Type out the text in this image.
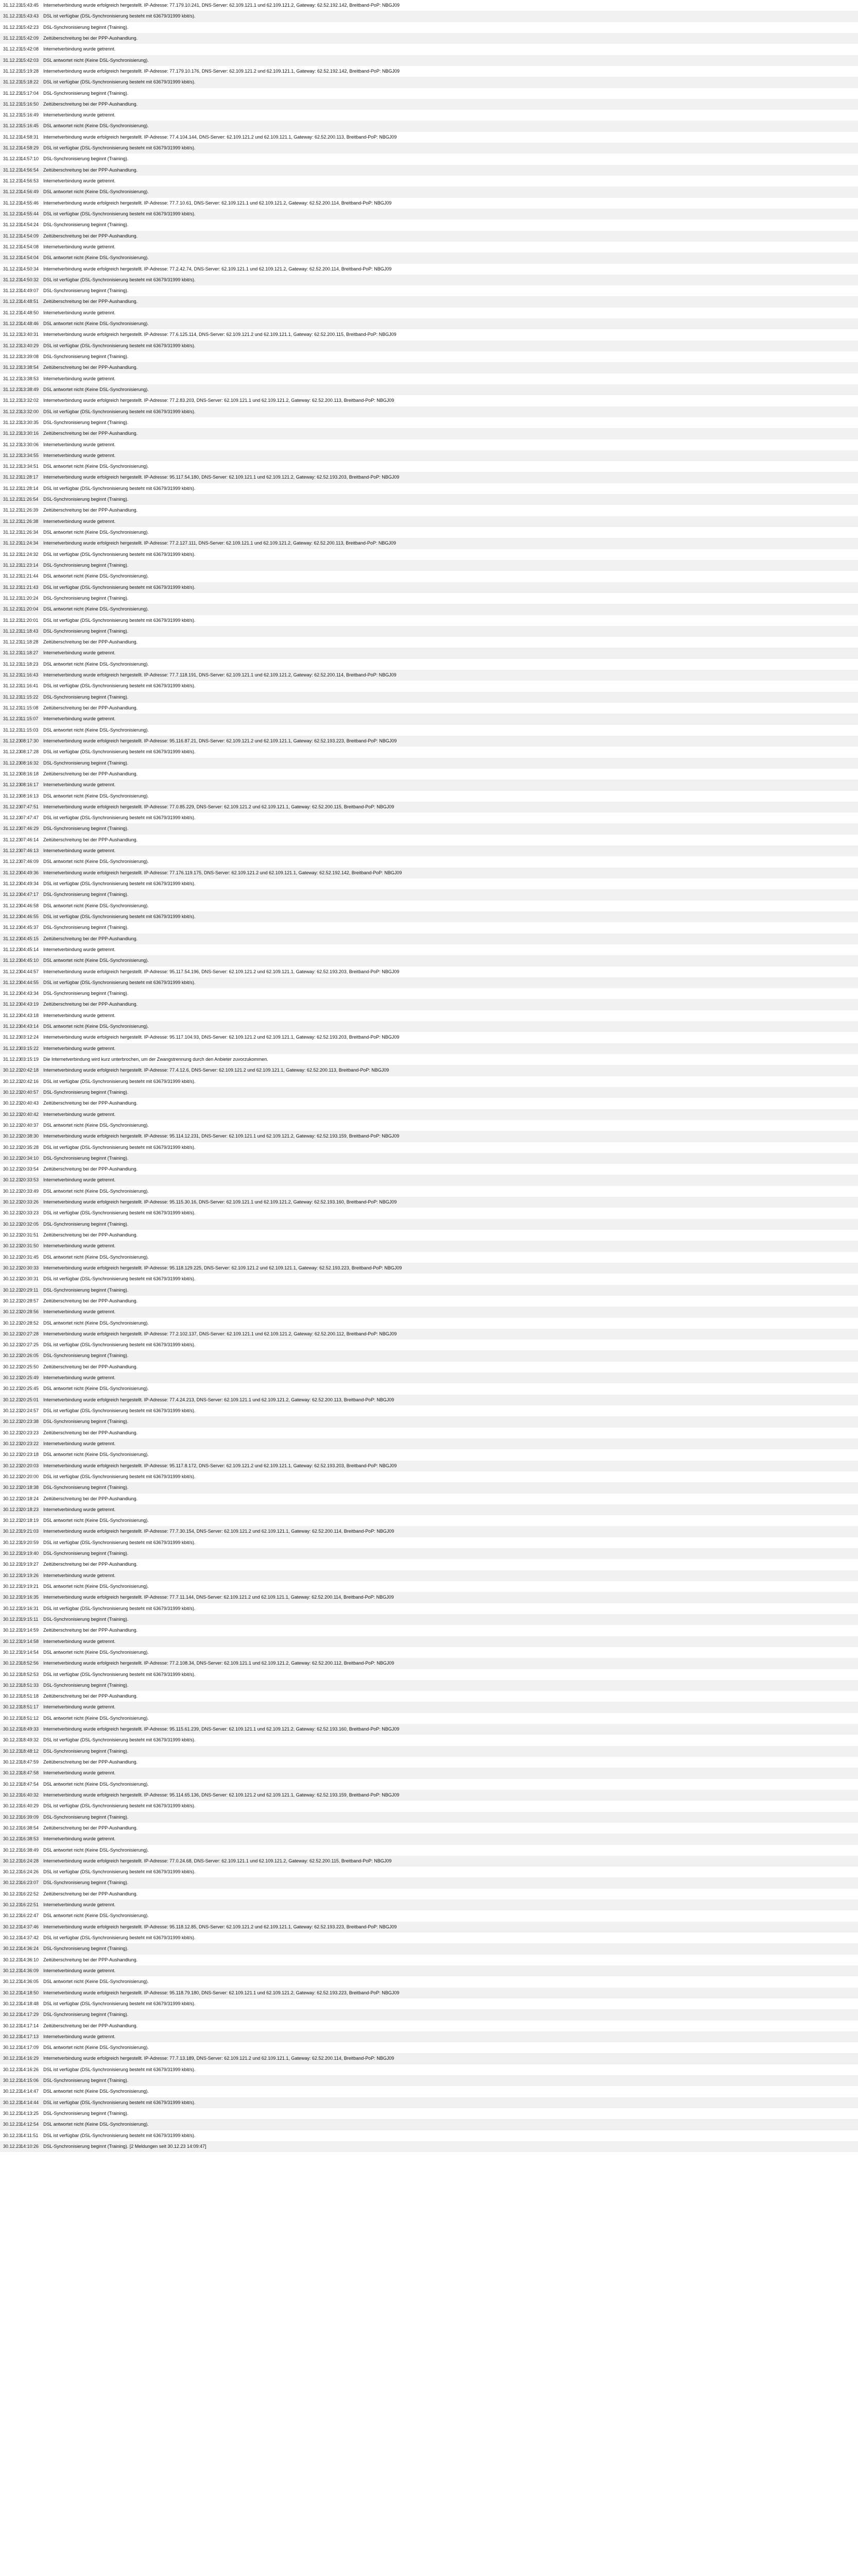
31.12.23
15:43:45 Internetverbindung wurde erfolgreich hergestellt. IP-Adresse: 77.179.10.241, DNS-Server: 62.109.121.1 und 62.109.121.2, Gateway: 62.52.192.142, Breitband-PoP: NBGJ09
31.12.23
15:43:43 DSL ist verfügbar (DSL-Synchronisierung besteht mit 63679/31999 kbit/s).
31.12.23
15:42:23 DSL-Synchronisierung beginnt (Training).
31.12.23
15:42:09 Zeitüberschreitung bei der PPP-Aushandlung.
31.12.23
15:42:08 Internetverbindung wurde getrennt.
31.12.23
15:42:03 DSL antwortet nicht (Keine DSL-Synchronisierung).
31.12.23
15:19:28 Internetverbindung wurde erfolgreich hergestellt. IP-Adresse: 77.179.10.176, DNS-Server: 62.109.121.2 und 62.109.121.1, Gateway: 62.52.192.142, Breitband-PoP: NBGJ09
31.12.23
15:18:22 DSL ist verfügbar (DSL-Synchronisierung besteht mit 63679/31999 kbit/s).
31.12.23
15:17:04 DSL-Synchronisierung beginnt (Training).
31.12.23
15:16:50 Zeitüberschreitung bei der PPP-Aushandlung.
31.12.23
15:16:49 Internetverbindung wurde getrennt.
31.12.23
15:16:45 DSL antwortet nicht (Keine DSL-Synchronisierung).
31.12.23
14:58:31 Internetverbindung wurde erfolgreich hergestellt. IP-Adresse: 77.4.104.144, DNS-Server: 62.109.121.2 und 62.109.121.1, Gateway: 62.52.200.113, Breitband-PoP: NBGJ09
31.12.23
14:58:29 DSL ist verfügbar (DSL-Synchronisierung besteht mit 63679/31999 kbit/s).
31.12.23
14:57:10 DSL-Synchronisierung beginnt (Training).
31.12.23
14:56:54 Zeitüberschreitung bei der PPP-Aushandlung.
31.12.23
14:56:53 Internetverbindung wurde getrennt.
31.12.23
14:56:49 DSL antwortet nicht (Keine DSL-Synchronisierung).
31.12.23
14:55:46 Internetverbindung wurde erfolgreich hergestellt. IP-Adresse: 77.7.10.61, DNS-Server: 62.109.121.1 und 62.109.121.2, Gateway: 62.52.200.114, Breitband-PoP: NBGJ09
31.12.23
14:55:44 DSL ist verfügbar (DSL-Synchronisierung besteht mit 63679/31999 kbit/s).
31.12.23
14:54:24 DSL-Synchronisierung beginnt (Training).
31.12.23
14:54:09 Zeitüberschreitung bei der PPP-Aushandlung.
31.12.23
14:54:08 Internetverbindung wurde getrennt.
31.12.23
14:54:04 DSL antwortet nicht (Keine DSL-Synchronisierung).
31.12.23
14:50:34 Internetverbindung wurde erfolgreich hergestellt. IP-Adresse: 77.2.42.74, DNS-Server: 62.109.121.1 und 62.109.121.2, Gateway: 62.52.200.114, Breitband-PoP: NBGJ09
31.12.23
14:50:32 DSL ist verfügbar (DSL-Synchronisierung besteht mit 63679/31999 kbit/s).
31.12.23
14:49:07 DSL-Synchronisierung beginnt (Training).
31.12.23
14:48:51 Zeitüberschreitung bei der PPP-Aushandlung.
31.12.23
14:48:50 Internetverbindung wurde getrennt.
31.12.23
14:48:46 DSL antwortet nicht (Keine DSL-Synchronisierung).
31.12.23
13:40:31 Internetverbindung wurde erfolgreich hergestellt. IP-Adresse: 77.6.125.114, DNS-Server: 62.109.121.2 und 62.109.121.1, Gateway: 62.52.200.115, Breitband-PoP: NBGJ09
31.12.23
13:40:29 DSL ist verfügbar (DSL-Synchronisierung besteht mit 63679/31999 kbit/s).
31.12.23
13:39:08 DSL-Synchronisierung beginnt (Training).
31.12.23
13:38:54 Zeitüberschreitung bei der PPP-Aushandlung.
31.12.23
13:38:53 Internetverbindung wurde getrennt.
31.12.23
13:38:49 DSL antwortet nicht (Keine DSL-Synchronisierung).
31.12.23
13:32:02 Internetverbindung wurde erfolgreich hergestellt. IP-Adresse: 77.2.83.203, DNS-Server: 62.109.121.1 und 62.109.121.2, Gateway: 62.52.200.113, Breitband-PoP: NBGJ09
31.12.23
13:32:00 DSL ist verfügbar (DSL-Synchronisierung besteht mit 63679/31999 kbit/s).
31.12.23
13:30:35 DSL-Synchronisierung beginnt (Training).
31.12.23
13:30:16 Zeitüberschreitung bei der PPP-Aushandlung.
31.12.23
13:30:06 Internetverbindung wurde getrennt.
31.12.23
13:34:55 Internetverbindung wurde getrennt.
31.12.23
13:34:51 DSL antwortet nicht (Keine DSL-Synchronisierung).
31.12.23
11:28:17	Internetverbindung wurde erfolgreich hergestellt. IP-Adresse: 95.117.54.180, DNS-Server: 62.109.121.1 und 62.109.121.2, Gateway: 62.52.193.203, Breitband-PoP: NBGJ09
31.12.23
11:28:14	DSL ist verfügbar (DSL-Synchronisierung besteht mit 63679/31999 kbit/s).
31.12.23
11:26:54	DSL-Synchronisierung beginnt (Training).
31.12.23
11:26:39	Zeitüberschreitung bei der PPP-Aushandlung.
31.12.23
11:26:38	Internetverbindung wurde getrennt.
31.12.23
11:26:34	DSL antwortet nicht (Keine DSL-Synchronisierung).
31.12.23
11:24:34	Internetverbindung wurde erfolgreich hergestellt. IP-Adresse: 77.2.127.111, DNS-Server: 62.109.121.1 und 62.109.121.2, Gateway: 62.52.200.113, Breitband-PoP: NBGJ09
31.12.23
11:24:32	DSL ist verfügbar (DSL-Synchronisierung besteht mit 63679/31999 kbit/s).
31.12.23
11:23:14	DSL-Synchronisierung beginnt (Training).
31.12.23
11:21:44	DSL antwortet nicht (Keine DSL-Synchronisierung).
31.12.23
11:21:43	DSL ist verfügbar (DSL-Synchronisierung besteht mit 63679/31999 kbit/s).
31.12.23
11:20:24	DSL-Synchronisierung beginnt (Training).
31.12.23
11:20:04	DSL antwortet nicht (Keine DSL-Synchronisierung).
31.12.23
11:20:01	DSL ist verfügbar (DSL-Synchronisierung besteht mit 63679/31999 kbit/s).
31.12.23
11:18:43	DSL-Synchronisierung beginnt (Training).
31.12.23
11:18:28	Zeitüberschreitung bei der PPP-Aushandlung.
31.12.23
11:18:27	Internetverbindung wurde getrennt.
31.12.23
11:18:23	DSL antwortet nicht (Keine DSL-Synchronisierung).
31.12.23
11:16:43	Internetverbindung wurde erfolgreich hergestellt. IP-Adresse: 77.7.118.191, DNS-Server: 62.109.121.1 und 62.109.121.2, Gateway: 62.52.200.114, Breitband-PoP: NBGJ09
31.12.23
11:16:41	DSL ist verfügbar (DSL-Synchronisierung besteht mit 63679/31999 kbit/s).
31.12.23
11:15:22	DSL-Synchronisierung beginnt (Training).
31.12.23
11:15:08	Zeitüberschreitung bei der PPP-Aushandlung.
31.12.23
11:15:07	Internetverbindung wurde getrennt.
31.12.23
11:15:03	DSL antwortet nicht (Keine DSL-Synchronisierung).
31.12.23
08:17:30 Internetverbindung wurde erfolgreich hergestellt. IP-Adresse: 95.116.87.21, DNS-Server: 62.109.121.2 und 62.109.121.1, Gateway: 62.52.193.223, Breitband-PoP: NBGJ09
31.12.23
08:17:28 DSL ist verfügbar (DSL-Synchronisierung besteht mit 63679/31999 kbit/s).
31.12.23
08:16:32 DSL-Synchronisierung beginnt (Training).
31.12.23
08:16:18 Zeitüberschreitung bei der PPP-Aushandlung.
31.12.23
08:16:17 Internetverbindung wurde getrennt.
31.12.23
08:16:13 DSL antwortet nicht (Keine DSL-Synchronisierung).
31.12.23
07:47:51 Internetverbindung wurde erfolgreich hergestellt. IP-Adresse: 77.0.85.229, DNS-Server: 62.109.121.2 und 62.109.121.1, Gateway: 62.52.200.115, Breitband-PoP: NBGJ09
31.12.23
07:47:47 DSL ist verfügbar (DSL-Synchronisierung besteht mit 63679/31999 kbit/s).
31.12.23
07:46:29 DSL-Synchronisierung beginnt (Training).
31.12.23
07:46:14 Zeitüberschreitung bei der PPP-Aushandlung.
31.12.23
07:46:13 Internetverbindung wurde getrennt.
31.12.23
07:46:09 DSL antwortet nicht (Keine DSL-Synchronisierung).
31.12.23
04:49:36 Internetverbindung wurde erfolgreich hergestellt. IP-Adresse: 77.176.119.175, DNS-Server: 62.109.121.2 und 62.109.121.1, Gateway: 62.52.192.142, Breitband-PoP: NBGJ09
31.12.23
04:49:34 DSL ist verfügbar (DSL-Synchronisierung besteht mit 63679/31999 kbit/s).
31.12.23
04:47:17 DSL-Synchronisierung beginnt (Training).
31.12.23
04:46:58 DSL antwortet nicht (Keine DSL-Synchronisierung).
31.12.23
04:46:55 DSL ist verfügbar (DSL-Synchronisierung besteht mit 63679/31999 kbit/s).
31.12.23
04:45:37 DSL-Synchronisierung beginnt (Training).
31.12.23
04:45:15 Zeitüberschreitung bei der PPP-Aushandlung.
31.12.23
04:45:14 Internetverbindung wurde getrennt.
31.12.23
04:45:10 DSL antwortet nicht (Keine DSL-Synchronisierung).
31.12.23
04:44:57 Internetverbindung wurde erfolgreich hergestellt. IP-Adresse: 95.117.54.196, DNS-Server: 62.109.121.2 und 62.109.121.1, Gateway: 62.52.193.203, Breitband-PoP: NBGJ09
31.12.23
04:44:55 DSL ist verfügbar (DSL-Synchronisierung besteht mit 63679/31999 kbit/s).
31.12.23
04:43:34 DSL-Synchronisierung beginnt (Training).
31.12.23
04:43:19 Zeitüberschreitung bei der PPP-Aushandlung.
31.12.23
04:43:18 Internetverbindung wurde getrennt.
31.12.23
04:43:14 DSL antwortet nicht (Keine DSL-Synchronisierung).
31.12.23
03:12:24 Internetverbindung wurde erfolgreich hergestellt. IP-Adresse: 95.117.104.93, DNS-Server: 62.109.121.2 und 62.109.121.1, Gateway: 62.52.193.203, Breitband-PoP: NBGJ09
31.12.23
03:15:22 Internetverbindung wurde getrennt.
31.12.23
03:15:19 Die Internetverbindung wird kurz unterbrochen, um der Zwangstrennung durch den Anbieter zuvorzukommen.
30.12.23
20:42:18 Internetverbindung wurde erfolgreich hergestellt. IP-Adresse: 77.4.12.6, DNS-Server: 62.109.121.2 und 62.109.121.1, Gateway: 62.52.200.113, Breitband-PoP: NBGJ09
30.12.23
20:42:16 DSL ist verfügbar (DSL-Synchronisierung besteht mit 63679/31999 kbit/s).
30.12.23
20:40:57 DSL-Synchronisierung beginnt (Training).
30.12.23
20:40:43 Zeitüberschreitung bei der PPP-Aushandlung.
30.12.23
20:40:42 Internetverbindung wurde getrennt.
30.12.23
20:40:37 DSL antwortet nicht (Keine DSL-Synchronisierung).
30.12.23
20:38:30 Internetverbindung wurde erfolgreich hergestellt. IP-Adresse: 95.114.12.231, DNS-Server: 62.109.121.1 und 62.109.121.2, Gateway: 62.52.193.159, Breitband-PoP: NBGJ09
30.12.23
20:35:28 DSL ist verfügbar (DSL-Synchronisierung besteht mit 63679/31999 kbit/s).
30.12.23
20:34:10 DSL-Synchronisierung beginnt (Training).
30.12.23
20:33:54 Zeitüberschreitung bei der PPP-Aushandlung.
30.12.23
20:33:53 Internetverbindung wurde getrennt.
30.12.23
20:33:49 DSL antwortet nicht (Keine DSL-Synchronisierung).
30.12.23
20:33:26 Internetverbindung wurde erfolgreich hergestellt. IP-Adresse: 95.115.30.16, DNS-Server: 62.109.121.1 und 62.109.121.2, Gateway: 62.52.193.160, Breitband-PoP: NBGJ09
30.12.23
20:33:23 DSL ist verfügbar (DSL-Synchronisierung besteht mit 63679/31999 kbit/s).
30.12.23
20:32:05 DSL-Synchronisierung beginnt (Training).
30.12.23
20:31:51 Zeitüberschreitung bei der PPP-Aushandlung.
30.12.23
20:31:50 Internetverbindung wurde getrennt.
30.12.23
20:31:45 DSL antwortet nicht (Keine DSL-Synchronisierung).
30.12.23
20:30:33 Internetverbindung wurde erfolgreich hergestellt. IP-Adresse: 95.118.129.225, DNS-Server: 62.109.121.2 und 62.109.121.1, Gateway: 62.52.193.223, Breitband-PoP: NBGJ09
30.12.23
20:30:31 DSL ist verfügbar (DSL-Synchronisierung besteht mit 63679/31999 kbit/s).
30.12.23
20:29:11	DSL-Synchronisierung beginnt (Training).
30.12.23
20:28:57 Zeitüberschreitung bei der PPP-Aushandlung.
30.12.23
20:28:56 Internetverbindung wurde getrennt.
30.12.23
20:28:52 DSL antwortet nicht (Keine DSL-Synchronisierung).
30.12.23
20:27:28 Internetverbindung wurde erfolgreich hergestellt. IP-Adresse: 77.2.102.137, DNS-Server: 62.109.121.1 und 62.109.121.2, Gateway: 62.52.200.112, Breitband-PoP: NBGJ09
30.12.23
20:27:25 DSL ist verfügbar (DSL-Synchronisierung besteht mit 63679/31999 kbit/s).
30.12.23
20:26:05 DSL-Synchronisierung beginnt (Training).
30.12.23
20:25:50 Zeitüberschreitung bei der PPP-Aushandlung.
30.12.23
20:25:49 Internetverbindung wurde getrennt.
30.12.23
20:25:45 DSL antwortet nicht (Keine DSL-Synchronisierung).
30.12.23
20:25:01 Internetverbindung wurde erfolgreich hergestellt. IP-Adresse: 77.4.24.213, DNS-Server: 62.109.121.1 und 62.109.121.2, Gateway: 62.52.200.113, Breitband-PoP: NBGJ09
30.12.23
20:24:57 DSL ist verfügbar (DSL-Synchronisierung besteht mit 63679/31999 kbit/s).
30.12.23
20:23:38 DSL-Synchronisierung beginnt (Training).
30.12.23
20:23:23 Zeitüberschreitung bei der PPP-Aushandlung.
30.12.23
20:23:22 Internetverbindung wurde getrennt.
30.12.23
20:23:18 DSL antwortet nicht (Keine DSL-Synchronisierung).
30.12.23
20:20:03 Internetverbindung wurde erfolgreich hergestellt. IP-Adresse: 95.117.8.172, DNS-Server: 62.109.121.2 und 62.109.121.1, Gateway: 62.52.193.203, Breitband-PoP: NBGJ09
30.12.23
20:20:00 DSL ist verfügbar (DSL-Synchronisierung besteht mit 63679/31999 kbit/s).
30.12.23
20:18:38 DSL-Synchronisierung beginnt (Training).
30.12.23
20:18:24 Zeitüberschreitung bei der PPP-Aushandlung.
30.12.23
20:18:23 Internetverbindung wurde getrennt.
30.12.23
20:18:19 DSL antwortet nicht (Keine DSL-Synchronisierung).
30.12.23
19:21:03 Internetverbindung wurde erfolgreich hergestellt. IP-Adresse: 77.7.30.154, DNS-Server: 62.109.121.2 und 62.109.121.1, Gateway: 62.52.200.114, Breitband-PoP: NBGJ09
30.12.23
19:20:59 DSL ist verfügbar (DSL-Synchronisierung besteht mit 63679/31999 kbit/s).
30.12.23
19:19:40 DSL-Synchronisierung beginnt (Training).
30.12.23
19:19:27 Zeitüberschreitung bei der PPP-Aushandlung.
30.12.23
19:19:26 Internetverbindung wurde getrennt.
30.12.23
19:19:21 DSL antwortet nicht (Keine DSL-Synchronisierung).
30.12.23
19:16:35 Internetverbindung wurde erfolgreich hergestellt. IP-Adresse: 77.7.11.144, DNS-Server: 62.109.121.2 und 62.109.121.1, Gateway: 62.52.200.114, Breitband-PoP: NBGJ09
30.12.23
19:16:31 DSL ist verfügbar (DSL-Synchronisierung besteht mit 63679/31999 kbit/s).
30.12.23
19:15:11	DSL-Synchronisierung beginnt (Training).
30.12.23
19:14:59 Zeitüberschreitung bei der PPP-Aushandlung.
30.12.23
19:14:58 Internetverbindung wurde getrennt.
30.12.23
19:14:54 DSL antwortet nicht (Keine DSL-Synchronisierung).
30.12.23
18:52:56 Internetverbindung wurde erfolgreich hergestellt. IP-Adresse: 77.2.108.34, DNS-Server: 62.109.121.1 und 62.109.121.2, Gateway: 62.52.200.112, Breitband-PoP: NBGJ09
30.12.23
18:52:53 DSL ist verfügbar (DSL-Synchronisierung besteht mit 63679/31999 kbit/s).
30.12.23
18:51:33 DSL-Synchronisierung beginnt (Training).
30.12.23
18:51:18 Zeitüberschreitung bei der PPP-Aushandlung.
30.12.23
18:51:17 Internetverbindung wurde getrennt.
30.12.23
18:51:12 DSL antwortet nicht (Keine DSL-Synchronisierung).
30.12.23
18:49:33 Internetverbindung wurde erfolgreich hergestellt. IP-Adresse: 95.115.61.239, DNS-Server: 62.109.121.1 und 62.109.121.2, Gateway: 62.52.193.160, Breitband-PoP: NBGJ09
30.12.23
18:49:32 DSL ist verfügbar (DSL-Synchronisierung besteht mit 63679/31999 kbit/s).
30.12.23
18:48:12 DSL-Synchronisierung beginnt (Training).
30.12.23
18:47:59 Zeitüberschreitung bei der PPP-Aushandlung.
30.12.23
18:47:58 Internetverbindung wurde getrennt.
30.12.23
18:47:54 DSL antwortet nicht (Keine DSL-Synchronisierung).
30.12.23
16:40:32 Internetverbindung wurde erfolgreich hergestellt. IP-Adresse: 95.114.65.136, DNS-Server: 62.109.121.2 und 62.109.121.1, Gateway: 62.52.193.159, Breitband-PoP: NBGJ09
30.12.23
16:40:29 DSL ist verfügbar (DSL-Synchronisierung besteht mit 63679/31999 kbit/s).
30.12.23
16:39:09 DSL-Synchronisierung beginnt (Training).
30.12.23
16:38:54 Zeitüberschreitung bei der PPP-Aushandlung.
30.12.23
16:38:53 Internetverbindung wurde getrennt.
30.12.23
16:38:49 DSL antwortet nicht (Keine DSL-Synchronisierung).
30.12.23
16:24:28 Internetverbindung wurde erfolgreich hergestellt. IP-Adresse: 77.0.24.68, DNS-Server: 62.109.121.1 und 62.109.121.2, Gateway: 62.52.200.115, Breitband-PoP: NBGJ09
30.12.23
16:24:26 DSL ist verfügbar (DSL-Synchronisierung besteht mit 63679/31999 kbit/s).
30.12.23
16:23:07 DSL-Synchronisierung beginnt (Training).
30.12.23
16:22:52 Zeitüberschreitung bei der PPP-Aushandlung.
30.12.23
16:22:51 Internetverbindung wurde getrennt.
30.12.23
16:22:47 DSL antwortet nicht (Keine DSL-Synchronisierung).
30.12.23
14:37:46 Internetverbindung wurde erfolgreich hergestellt. IP-Adresse: 95.118.12.85, DNS-Server: 62.109.121.2 und 62.109.121.1, Gateway: 62.52.193.223, Breitband-PoP: NBGJ09
30.12.23
14:37:42 DSL ist verfügbar (DSL-Synchronisierung besteht mit 63679/31999 kbit/s).
30.12.23
14:36:24 DSL-Synchronisierung beginnt (Training).
30.12.23
14:36:10 Zeitüberschreitung bei der PPP-Aushandlung.
30.12.23
14:36:09 Internetverbindung wurde getrennt.
30.12.23
14:36:05 DSL antwortet nicht (Keine DSL-Synchronisierung).
30.12.23
14:18:50 Internetverbindung wurde erfolgreich hergestellt. IP-Adresse: 95.118.79.180, DNS-Server: 62.109.121.1 und 62.109.121.2, Gateway: 62.52.193.223, Breitband-PoP: NBGJ09
30.12.23
14:18:48 DSL ist verfügbar (DSL-Synchronisierung besteht mit 63679/31999 kbit/s).
30.12.23
14:17:29 DSL-Synchronisierung beginnt (Training).
30.12.23
14:17:14 Zeitüberschreitung bei der PPP-Aushandlung.
30.12.23
14:17:13 Internetverbindung wurde getrennt.
30.12.23
14:17:09 DSL antwortet nicht (Keine DSL-Synchronisierung).
30.12.23
14:16:29 Internetverbindung wurde erfolgreich hergestellt. IP-Adresse: 77.7.13.189, DNS-Server: 62.109.121.2 und 62.109.121.1, Gateway: 62.52.200.114, Breitband-PoP: NBGJ09
30.12.23
14:16:26 DSL ist verfügbar (DSL-Synchronisierung besteht mit 63679/31999 kbit/s).
30.12.23
14:15:06 DSL-Synchronisierung beginnt (Training).
30.12.23
14:14:47 DSL antwortet nicht (Keine DSL-Synchronisierung).
30.12.23
14:14:44 DSL ist verfügbar (DSL-Synchronisierung besteht mit 63679/31999 kbit/s).
30.12.23
14:13:25 DSL-Synchronisierung beginnt (Training).
30.12.23
14:12:54 DSL antwortet nicht (Keine DSL-Synchronisierung).
30.12.23
14:11:51	DSL ist verfügbar (DSL-Synchronisierung besteht mit 63679/31999 kbit/s).
30.12.23
14:10:26 DSL-Synchronisierung beginnt (Training). [2 Meldungen seit 30.12.23 14:09:47]
